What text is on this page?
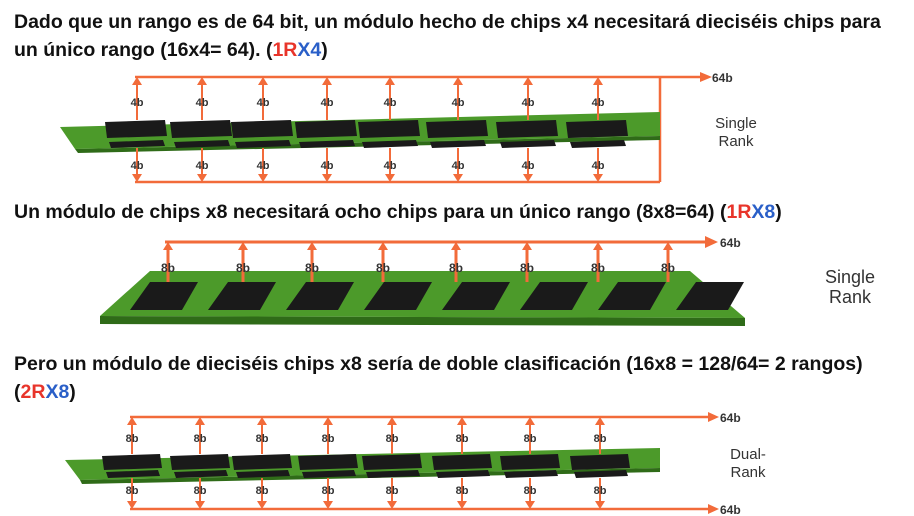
Dado que un rango es de 64 bit, un módulo hecho de chips x4 necesitará dieciséis chips para un único rango (16x4= 64). (1RX4)

64b
4b
4b
4b
4b
4b
4b
4b
4b
4b
4b
4b
4b
4b
4b
4b
4b
Single
Rank

Un módulo de chips x8 necesitará ocho chips para un único rango (8x8=64) (1RX8)

64b
8b	8b	8b	8b	8b	8b	8b	8b	Single
Rank

Pero un módulo de dieciséis chips x8 sería de doble clasificación (16x8 = 128/64= 2 rangos) (2RX8)

64b
64b
8b
8b
8b
8b
8b
8b
8b
8b
8b
8b
8b
8b
8b
8b
8b
8b
Dual-
Rank
